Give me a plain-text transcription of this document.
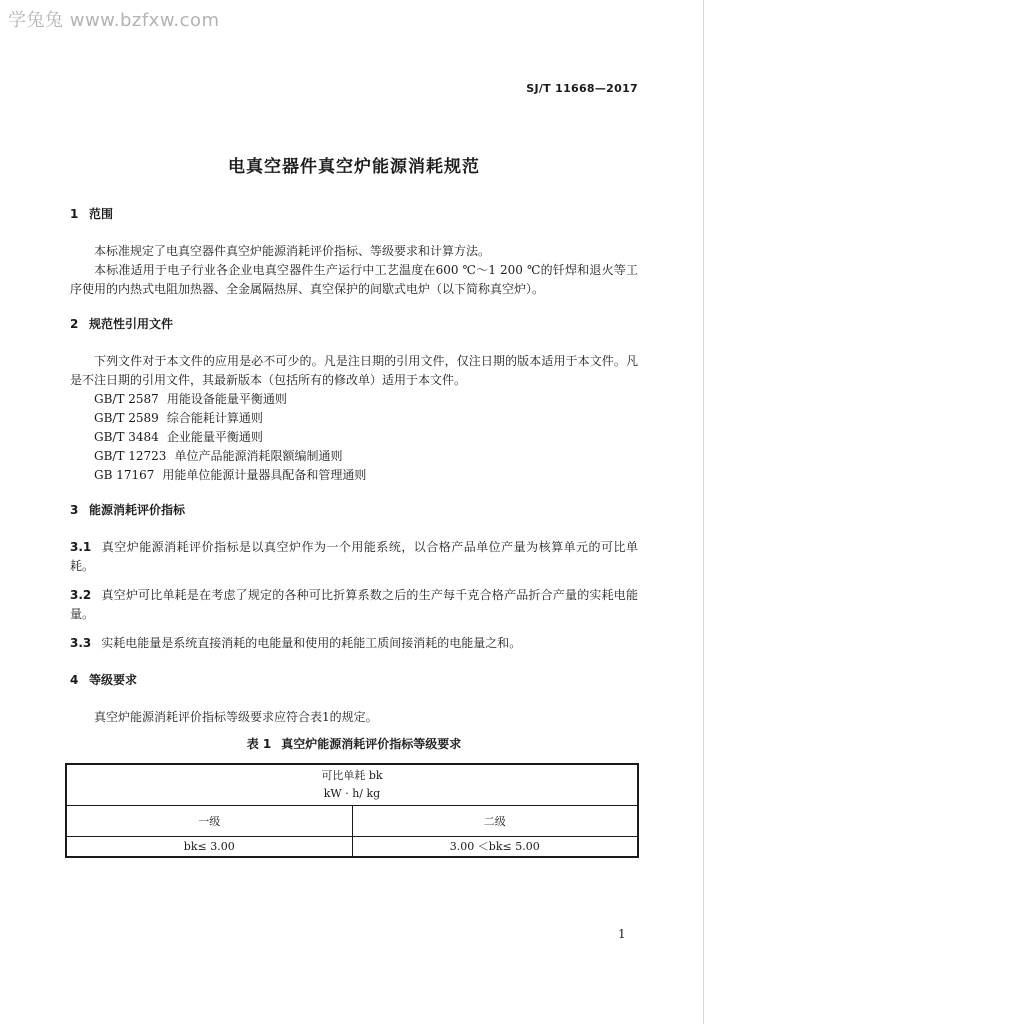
学兔兔 www.bzfxw.com
SJ/T 11668—2017
电真空器件真空炉能源消耗规范
1 范围

本标准规定了电真空器件真空炉能源消耗评价指标、等级要求和计算方法。

本标准适用于电子行业各企业电真空器件生产运行中工艺温度在600 ℃～1 200 ℃的钎焊和退火等工序使用的内热式电阻加热器、全金属隔热屏、真空保护的间歇式电炉（以下简称真空炉）。

2 规范性引用文件

下列文件对于本文件的应用是必不可少的。凡是注日期的引用文件，仅注日期的版本适用于本文件。凡是不注日期的引用文件，其最新版本（包括所有的修改单）适用于本文件。

GB/T 2587 用能设备能量平衡通则
GB/T 2589 综合能耗计算通则
GB/T 3484 企业能量平衡通则
GB/T 12723 单位产品能源消耗限额编制通则
GB 17167 用能单位能源计量器具配备和管理通则
3 能源消耗评价指标

3.1 真空炉能源消耗评价指标是以真空炉作为一个用能系统，以合格产品单位产量为核算单元的可比单耗。

3.2 真空炉可比单耗是在考虑了规定的各种可比折算系数之后的生产每千克合格产品折合产量的实耗电能量。

3.3 实耗电能量是系统直接消耗的电能量和使用的耗能工质间接消耗的电能量之和。

4 等级要求

真空炉能源消耗评价指标等级要求应符合表1的规定。

表 1 真空炉能源消耗评价指标等级要求
可比单耗 bk
kW · h/ kg	

一级	二级
bk≤ 3.00	3.00 ＜bk≤ 5.00
1
